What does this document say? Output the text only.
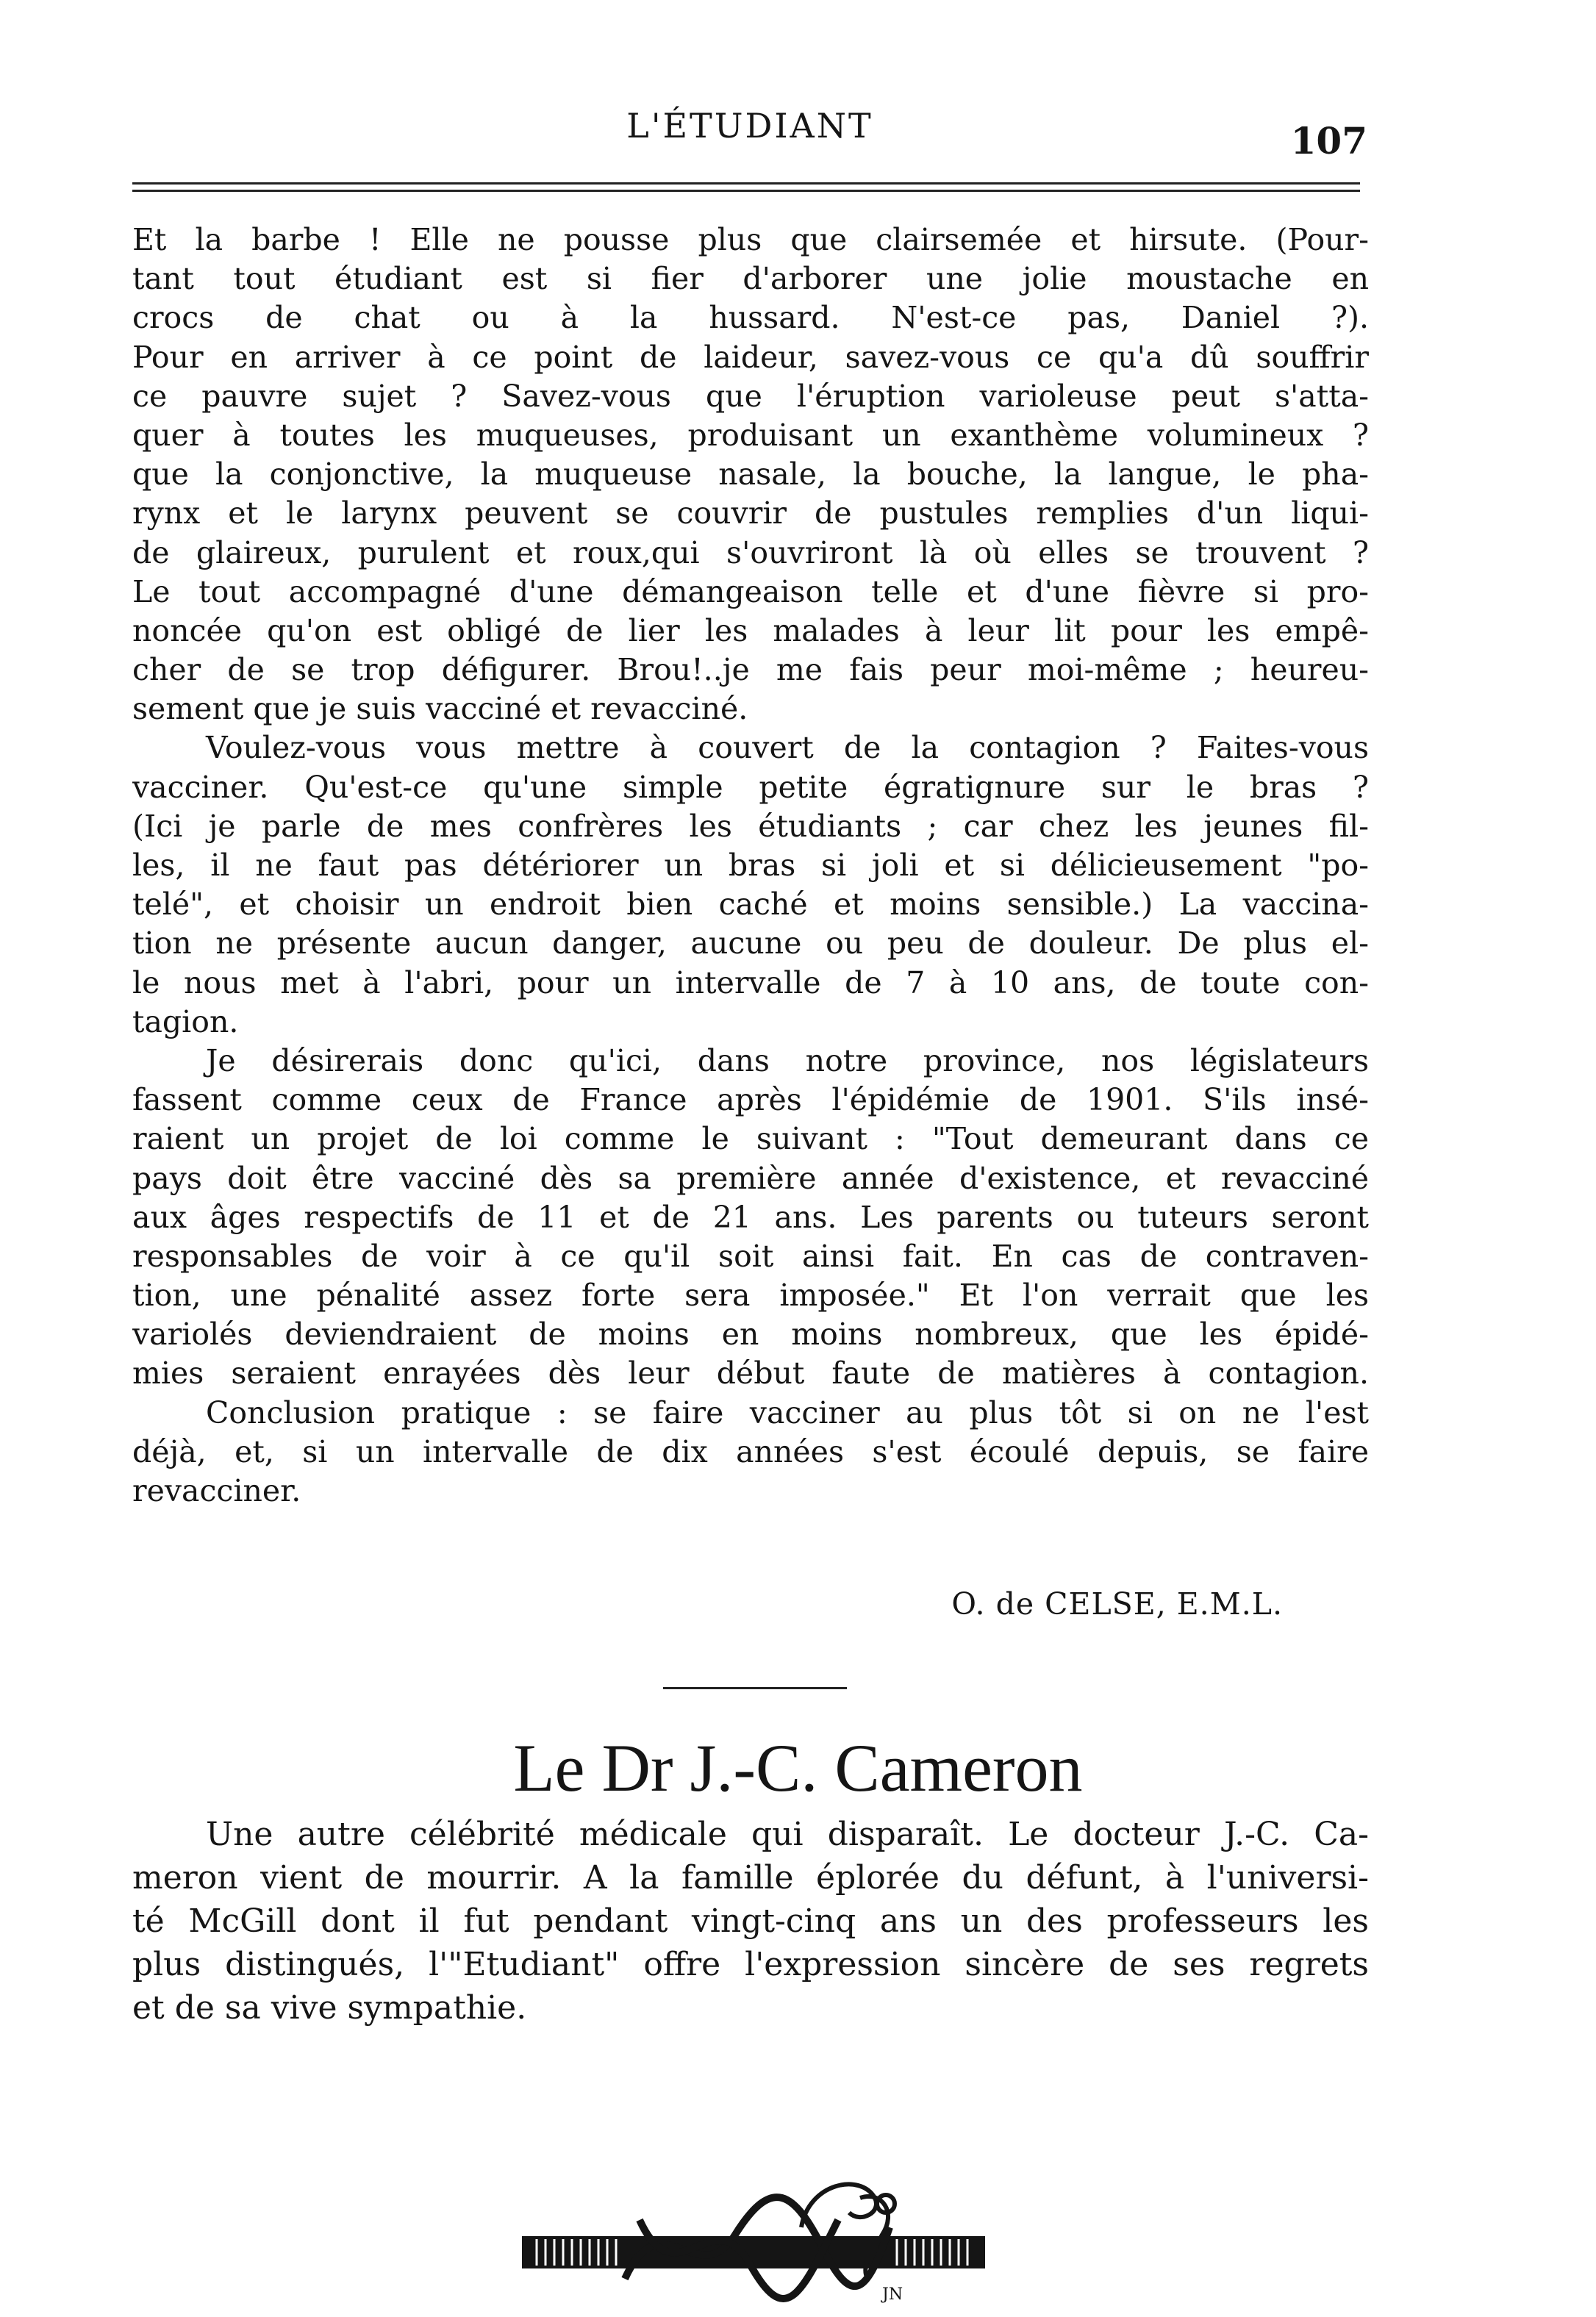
L'ÉTUDIANT	107
Et la barbe ! Elle ne pousse plus que clairsemée et hirsute. (Pour-
tant tout étudiant est si fier d'arborer une jolie moustache en
crocs de chat ou à la hussard. N'est-ce pas, Daniel ?).
Pour en arriver à ce point de laideur, savez-vous ce qu'a dû souffrir
ce pauvre sujet ? Savez-vous que l'éruption varioleuse peut s'atta-
quer à toutes les muqueuses, produisant un exanthème volumineux ?
que la conjonctive, la muqueuse nasale, la bouche, la langue, le pha-
rynx et le larynx peuvent se couvrir de pustules remplies d'un liqui-
de glaireux, purulent et roux,qui s'ouvriront là où elles se trouvent ?
Le tout accompagné d'une démangeaison telle et d'une fièvre si pro-
noncée qu'on est obligé de lier les malades à leur lit pour les empê-
cher de se trop défigurer. Brou!..je me fais peur moi-même ; heureu-
sement que je suis vacciné et revacciné.
Voulez-vous vous mettre à couvert de la contagion ? Faites-vous
vacciner. Qu'est-ce qu'une simple petite égratignure sur le bras ?
(Ici je parle de mes confrères les étudiants ; car chez les jeunes fil-
les, il ne faut pas détériorer un bras si joli et si délicieusement "po-
telé", et choisir un endroit bien caché et moins sensible.) La vaccina-
tion ne présente aucun danger, aucune ou peu de douleur. De plus el-
le nous met à l'abri, pour un intervalle de 7 à 10 ans, de toute con-
tagion.
Je désirerais donc qu'ici, dans notre province, nos législateurs
fassent comme ceux de France après l'épidémie de 1901. S'ils insé-
raient un projet de loi comme le suivant : "Tout demeurant dans ce
pays doit être vacciné dès sa première année d'existence, et revacciné
aux âges respectifs de 11 et de 21 ans. Les parents ou tuteurs seront
responsables de voir à ce qu'il soit ainsi fait. En cas de contraven-
tion, une pénalité assez forte sera imposée." Et l'on verrait que les
variolés deviendraient de moins en moins nombreux, que les épidé-
mies seraient enrayées dès leur début faute de matières à contagion.
Conclusion pratique : se faire vacciner au plus tôt si on ne l'est
déjà, et, si un intervalle de dix années s'est écoulé depuis, se faire
revacciner.
O. de CELSE, E.M.L.
Le Dr J.-C. Cameron
Une autre célébrité médicale qui disparaît. Le docteur J.-C. Ca-
meron vient de mourrir. A la famille éplorée du défunt, à l'universi-
té McGill dont il fut pendant vingt-cinq ans un des professeurs les
plus distingués, l'"Etudiant" offre l'expression sincère de ses regrets
et de sa vive sympathie.
JN
